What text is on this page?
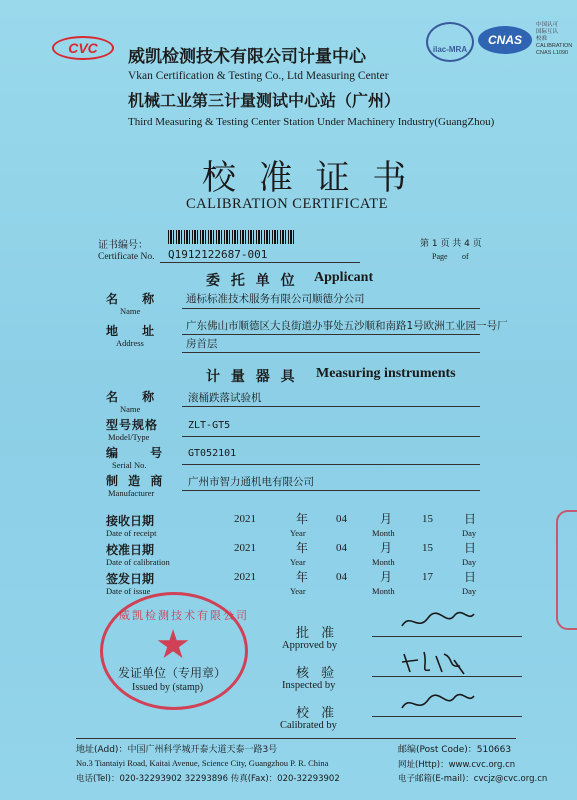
CVC	ilac-MRA
CNAS
中国认可
国际互认
校准
CALIBRATION
CNAS L1090
威凯检测技术有限公司计量中心
Vkan Certification & Testing Co., Ltd Measuring Center
机械工业第三计量测试中心站（广州）
Third Measuring & Testing Center Station Under Machinery Industry(GuangZhou)
校 准 证 书
CALIBRATION CERTIFICATE
证书编号：
Certificate No. Q1912122687-001
第 1 页 共 4 页
Page of
委 托 单 位 Applicant
名 称
Name
通标标准技术服务有限公司顺德分公司
地 址
Address
广东佛山市顺德区大良街道办事处五沙顺和南路1号欧洲工业园一号厂
房首层
计 量 器 具 Measuring instruments
名 称
Name
滚桶跌落试验机
型号规格
Model/Type
ZLT-GT5
编 号
Serial No.
GT052101
制 造 商
Manufacturer
广州市智力通机电有限公司
接收日期
Date of receipt
2021	年
Year
04	月
Month
15	日
Day
校准日期
Date of calibration
2021	年
Year
04	月
Month
15	日
Day
签发日期
Date of issue
2021	年
Year
04	月
Month
17	日
Day
威凯检测技术有限公司
★
发证单位（专用章）
Issued by (stamp)
批 准
Approved by
核 验
Inspected by
校 准
Calibrated by
地址(Add)：中国广州科学城开泰大道天泰一路3号
No.3 Tiantaiyi Road, Kaitai Avenue, Science City, Guangzhou P. R. China
电话(Tel)：020-32293902 32293896 传真(Fax)：020-32293902
邮编(Post Code)：510663
网址(Http)：www.cvc.org.cn
电子邮箱(E-mail)：cvcjz@cvc.org.cn
